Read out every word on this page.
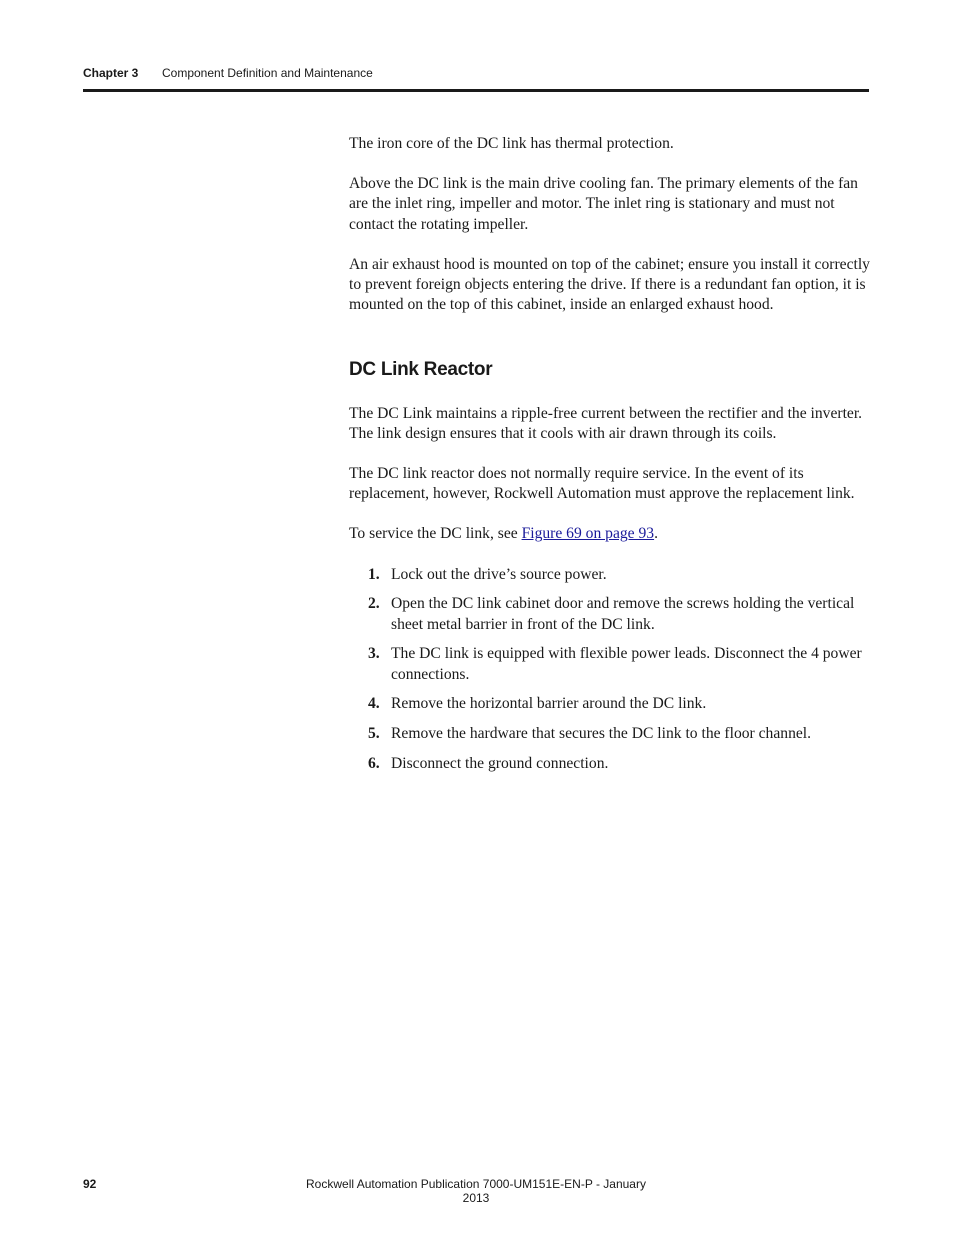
Chapter 3 Component Definition and Maintenance

The iron core of the DC link has thermal protection.

Above the DC link is the main drive cooling fan. The primary elements of the fan are the inlet ring, impeller and motor. The inlet ring is stationary and must not contact the rotating impeller.

An air exhaust hood is mounted on top of the cabinet; ensure you install it correctly to prevent foreign objects entering the drive. If there is a redundant fan option, it is mounted on the top of this cabinet, inside an enlarged exhaust hood.

DC Link Reactor

The DC Link maintains a ripple-free current between the rectifier and the inverter. The link design ensures that it cools with air drawn through its coils.

The DC link reactor does not normally require service. In the event of its replacement, however, Rockwell Automation must approve the replacement link.

To service the DC link, see Figure 69 on page 93.

1. Lock out the drive’s source power.
2. Open the DC link cabinet door and remove the screws holding the vertical sheet metal barrier in front of the DC link.
3. The DC link is equipped with flexible power leads. Disconnect the 4 power connections.
4. Remove the horizontal barrier around the DC link.
5. Remove the hardware that secures the DC link to the floor channel.
6. Disconnect the ground connection.
92	Rockwell Automation Publication 7000-UM151E-EN-P - January 2013
